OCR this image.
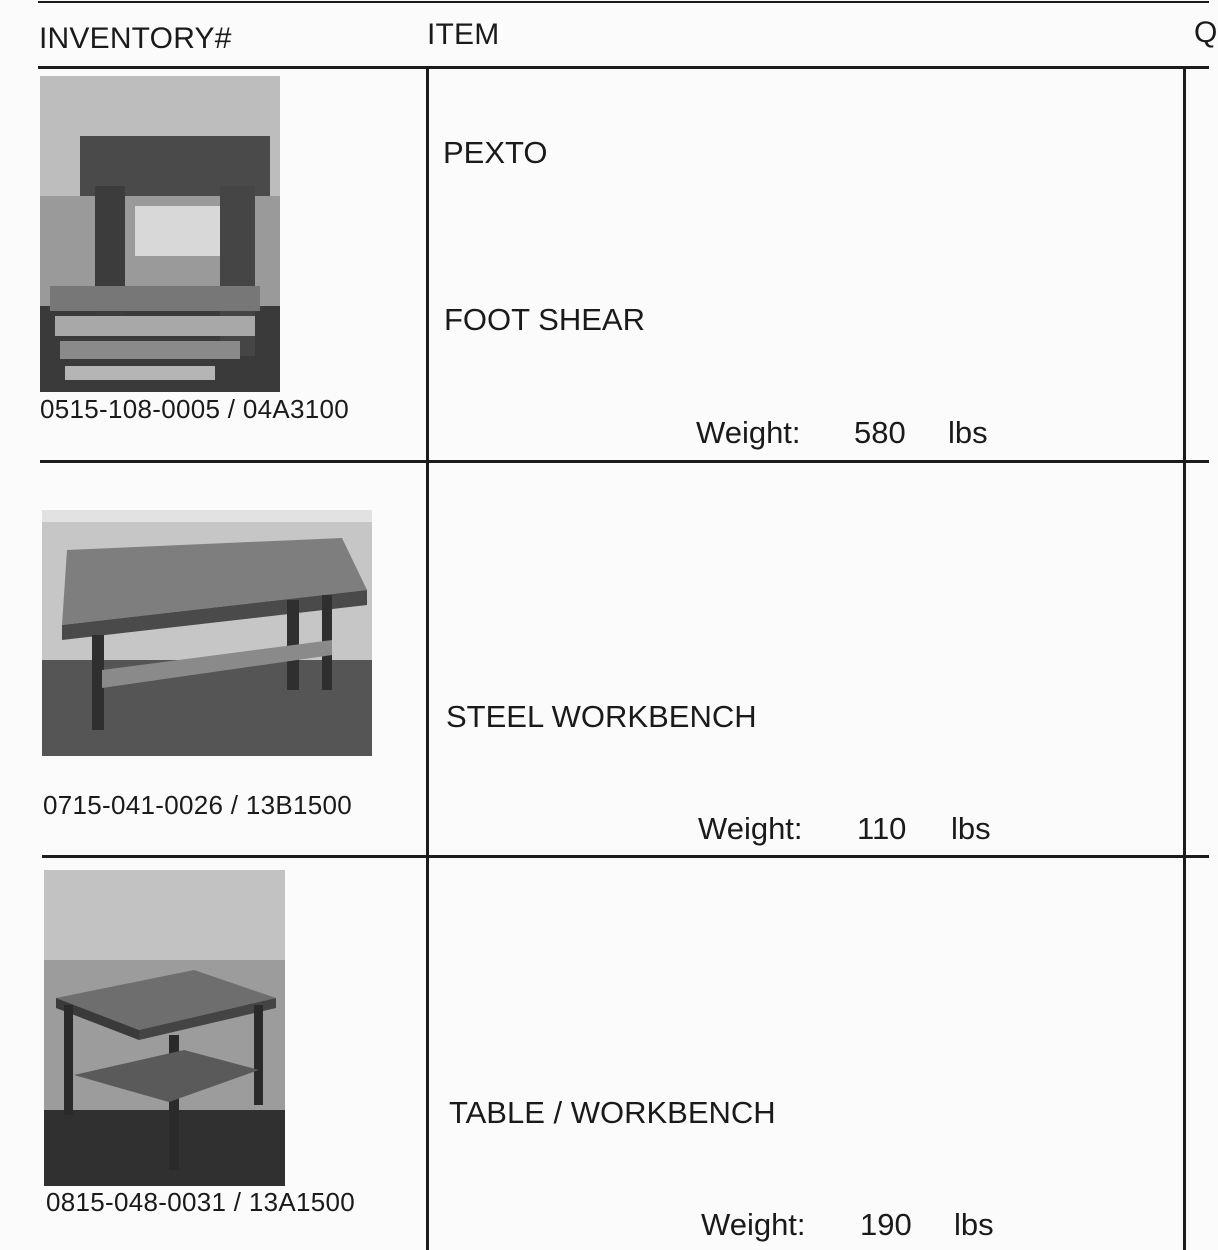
INVENTORY#	ITEM	Q
0515-108-0005 / 04A3100
PEXTO
FOOT SHEAR
Weight: 580 lbs
0715-041-0026 / 13B1500
STEEL WORKBENCH
Weight: 110 lbs
0815-048-0031 / 13A1500
TABLE / WORKBENCH
Weight: 190 lbs
